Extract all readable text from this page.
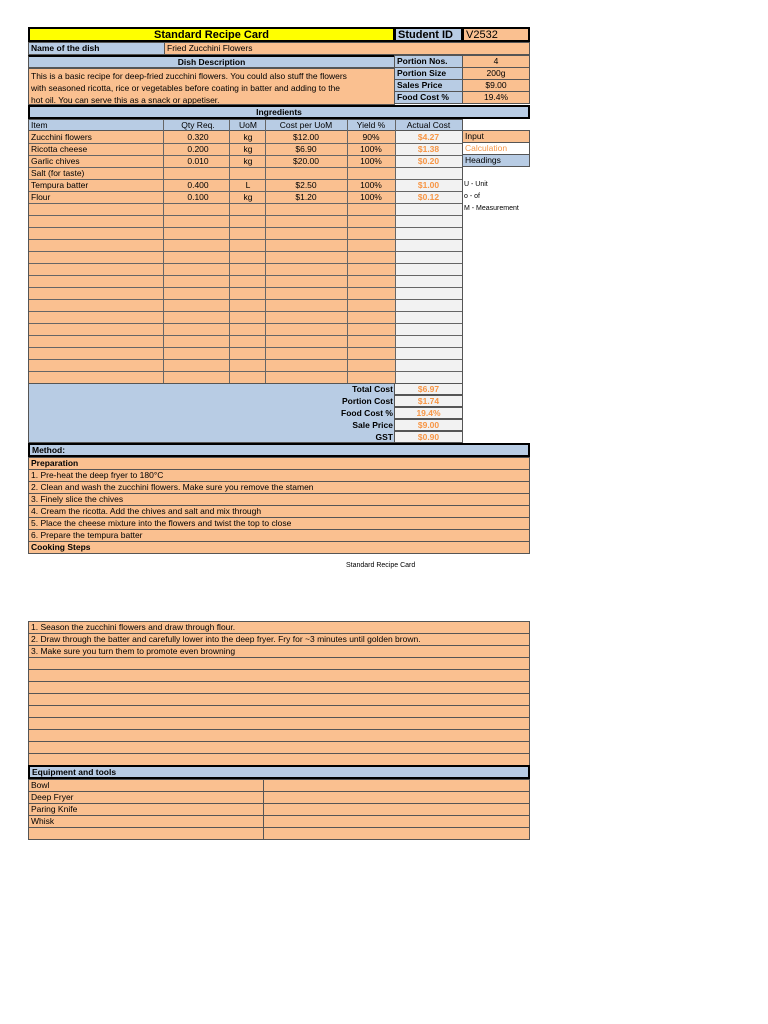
Standard Recipe Card	Student ID	V2532
Name of the dish	Fried Zucchini Flowers
Dish Description
This is a basic recipe for deep-fried zucchini flowers. You could also stuff the flowers
with seasoned ricotta, rice or vegetables before coating in batter and adding to the
hot oil. You can serve this as a snack or appetiser.
Portion Nos.	4
Portion Size	200g
Sales Price	$9.00
Food Cost %	19.4%
Ingredients
Item	Qty Req.	UoM	Cost per UoM	Yield %	Actual Cost
Zucchini flowers	0.320	kg	$12.00	90%	$4.27
Ricotta cheese	0.200	kg	$6.90	100%	$1.38
Garlic chives	0.010	kg	$20.00	100%	$0.20
Salt (for taste)
Tempura batter	0.400	L	$2.50	100%	$1.00
Flour	0.100	kg	$1.20	100%	$0.12
Input
Calculation
Headings
U - Unit
o - of
M - Measurement
Total Cost	$6.97
Portion Cost	$1.74
Food Cost %	19.4%
Sale Price	$9.00
GST	$0.90
Method:
Preparation
1. Pre-heat the deep fryer to 180°C
2. Clean and wash the zucchini flowers. Make sure you remove the stamen
3. Finely slice the chives
4. Cream the ricotta. Add the chives and salt and mix through
5. Place the cheese mixture into the flowers and twist the top to close
6. Prepare the tempura batter
Cooking Steps
Standard Recipe Card
1. Season the zucchini flowers and draw through flour.
2. Draw through the batter and carefully lower into the deep fryer. Fry for ~3 minutes until golden brown.
3. Make sure you turn them to promote even browning
Equipment and tools
Bowl
Deep Fryer
Paring Knife
Whisk
